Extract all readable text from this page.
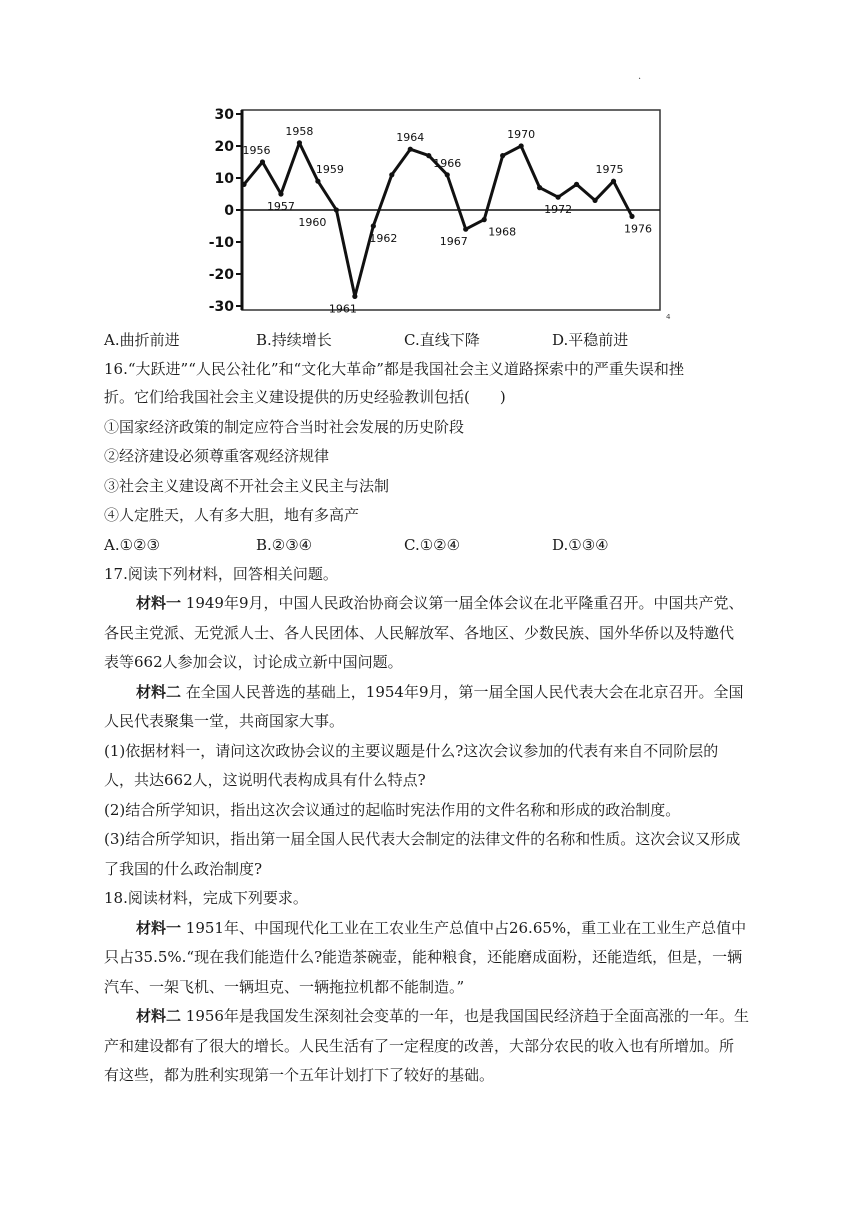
·
30
20
10
0
-10
-20
-30
1956
1957
1958
1959
1960
1961
1962
1964
1966
1967
1968
1970
1972
1975
1976
4
A.曲折前进	B.持续增长	C.直线下降	D.平稳前进
16.“大跃进”“人民公社化”和“文化大革命”都是我国社会主义道路探索中的严重失误和挫
折。它们给我国社会主义建设提供的历史经验教训包括(　　)
①国家经济政策的制定应符合当时社会发展的历史阶段
②经济建设必须尊重客观经济规律
③社会主义建设离不开社会主义民主与法制
④人定胜天，人有多大胆，地有多高产
A.①②③	B.②③④	C.①②④	D.①③④
17.阅读下列材料，回答相关问题。
材料一 1949年9月，中国人民政治协商会议第一届全体会议在北平隆重召开。中国共产党、
各民主党派、无党派人士、各人民团体、人民解放军、各地区、少数民族、国外华侨以及特邀代
表等662人参加会议，讨论成立新中国问题。
材料二 在全国人民普选的基础上，1954年9月，第一届全国人民代表大会在北京召开。全国
人民代表聚集一堂，共商国家大事。
(1)依据材料一，请问这次政协会议的主要议题是什么?这次会议参加的代表有来自不同阶层的
人，共达662人，这说明代表构成具有什么特点?
(2)结合所学知识，指出这次会议通过的起临时宪法作用的文件名称和形成的政治制度。
(3)结合所学知识，指出第一届全国人民代表大会制定的法律文件的名称和性质。这次会议又形成
了我国的什么政治制度?
18.阅读材料，完成下列要求。
材料一 1951年、中国现代化工业在工农业生产总值中占26.65%，重工业在工业生产总值中
只占35.5%.“现在我们能造什么?能造茶碗壶，能种粮食，还能磨成面粉，还能造纸，但是，一辆
汽车、一架飞机、一辆坦克、一辆拖拉机都不能制造。”
材料二 1956年是我国发生深刻社会变革的一年，也是我国国民经济趋于全面高涨的一年。生
产和建设都有了很大的增长。人民生活有了一定程度的改善，大部分农民的收入也有所增加。所
有这些，都为胜利实现第一个五年计划打下了较好的基础。
